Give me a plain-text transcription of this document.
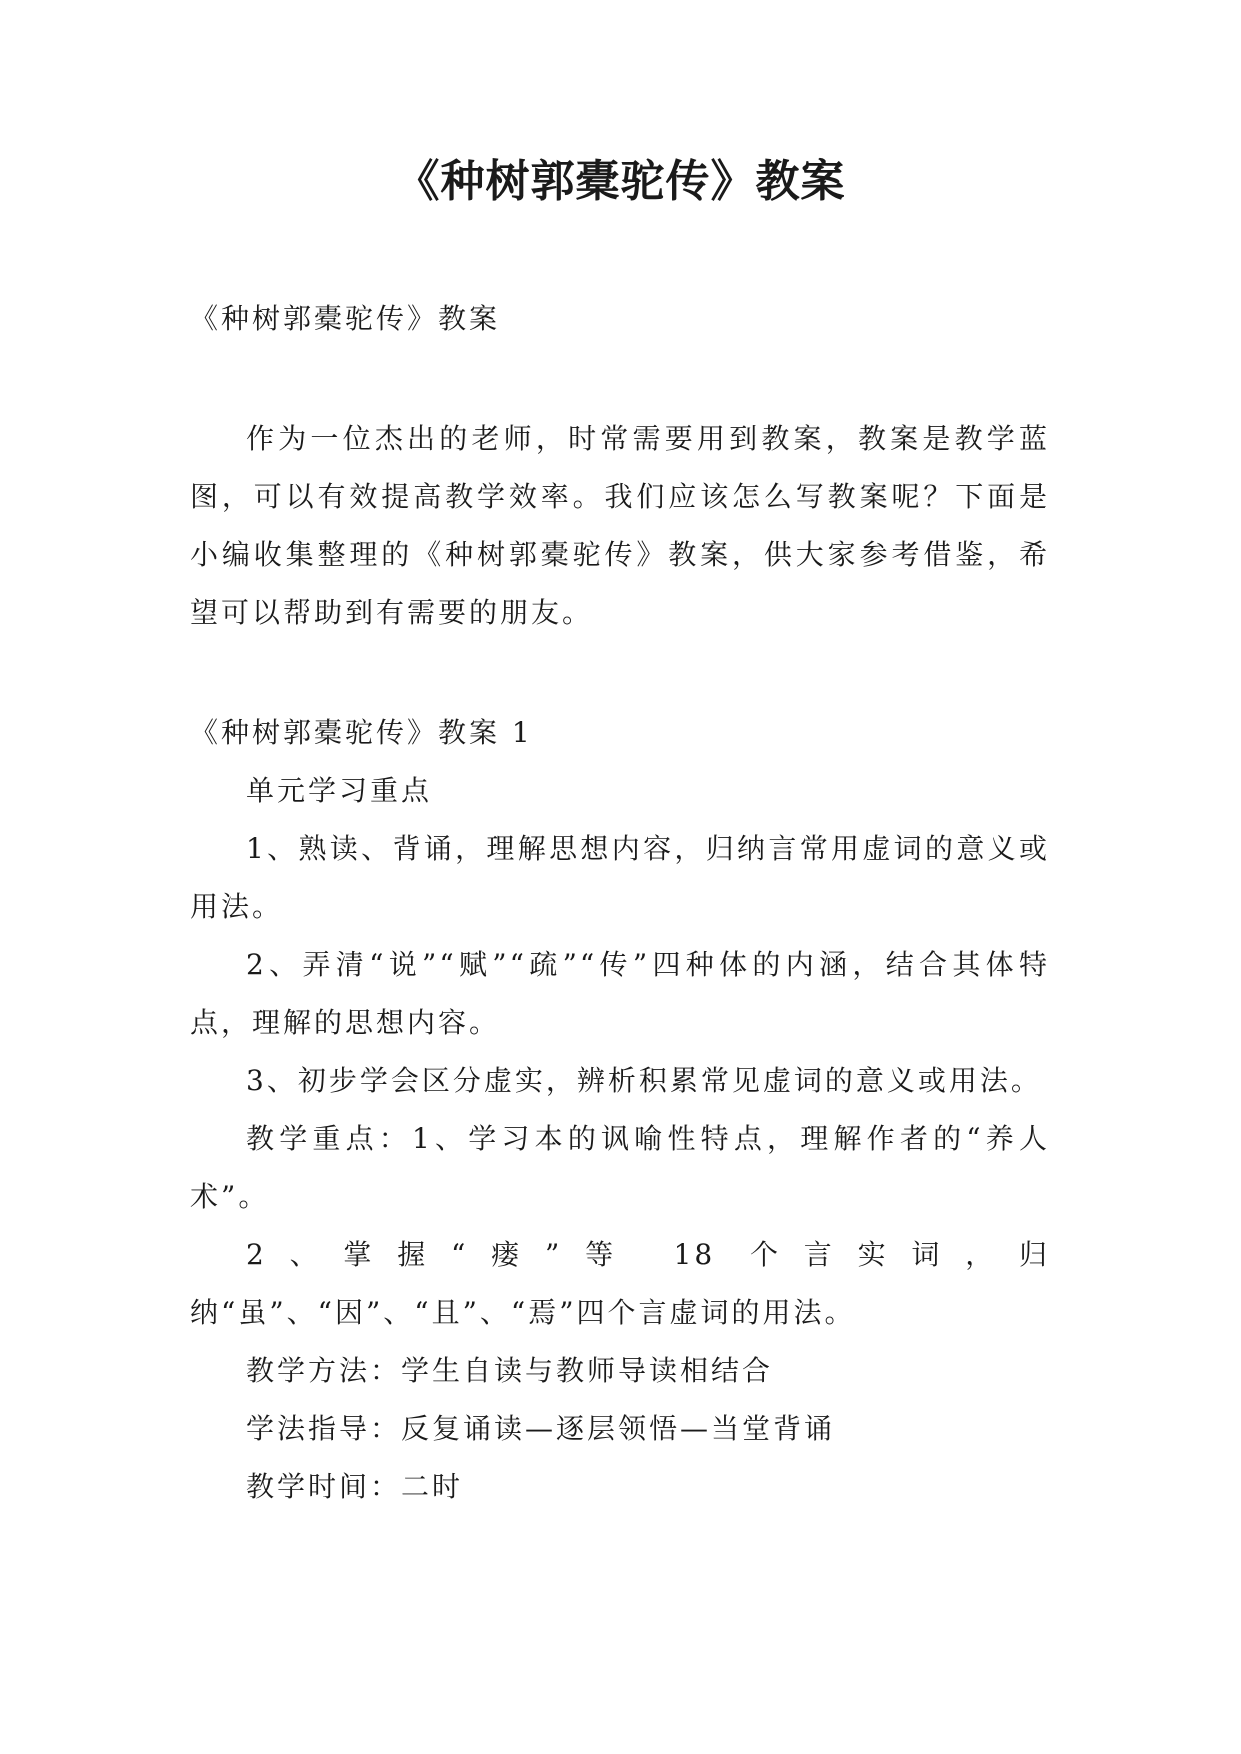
《种树郭橐驼传》教案

《种树郭橐驼传》教案

作为一位杰出的老师，时常需要用到教案，教案是教学蓝图，可以有效提高教学效率。我们应该怎么写教案呢？下面是小编收集整理的《种树郭橐驼传》教案，供大家参考借鉴，希望可以帮助到有需要的朋友。

《种树郭橐驼传》教案 1

单元学习重点

1、熟读、背诵，理解思想内容，归纳言常用虚词的意义或用法。

2、弄清“说”“赋”“疏”“传”四种体的内涵，结合其体特点，理解的思想内容。

3、初步学会区分虚实，辨析积累常见虚词的意义或用法。

教学重点：1、学习本的讽喻性特点，理解作者的“养人术”。

2、掌握“瘘”等 18 个言实词，归纳“虽”、“因”、“且”、“焉”四个言虚词的用法。

教学方法：学生自读与教师导读相结合

学法指导：反复诵读—逐层领悟—当堂背诵

教学时间：二时
